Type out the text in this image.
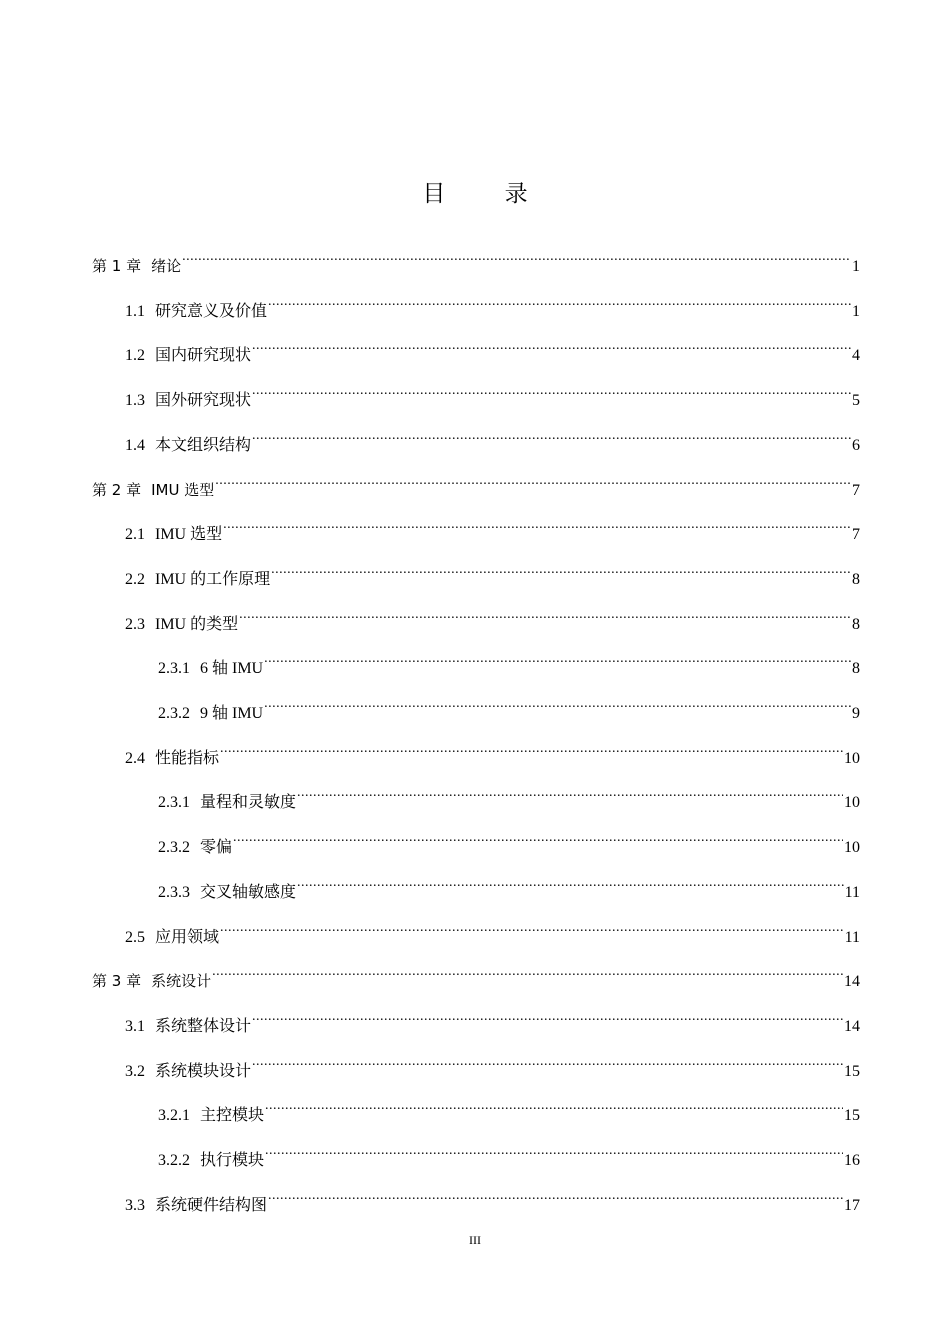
目 录
第 1 章 绪论 .....	1
1.1 研究意义及价值 .....	1
1.2 国内研究现状 .....	4
1.3 国外研究现状 .....	5
1.4 本文组织结构 .....	6
第 2 章 IMU 选型 .....	7
2.1 IMU 选型 .....	7
2.2 IMU 的工作原理 .....	8
2.3 IMU 的类型 .....	8
2.3.1 6 轴 IMU .....	8
2.3.2 9 轴 IMU .....	9
2.4 性能指标 .....	10
2.3.1 量程和灵敏度 .....	10
2.3.2 零偏 .....	10
2.3.3 交叉轴敏感度 .....	11
2.5 应用领域 .....	11
第 3 章 系统设计 .....	14
3.1 系统整体设计 .....	14
3.2 系统模块设计 .....	15
3.2.1 主控模块 .....	15
3.2.2 执行模块 .....	16
3.3 系统硬件结构图 .....	17
III
